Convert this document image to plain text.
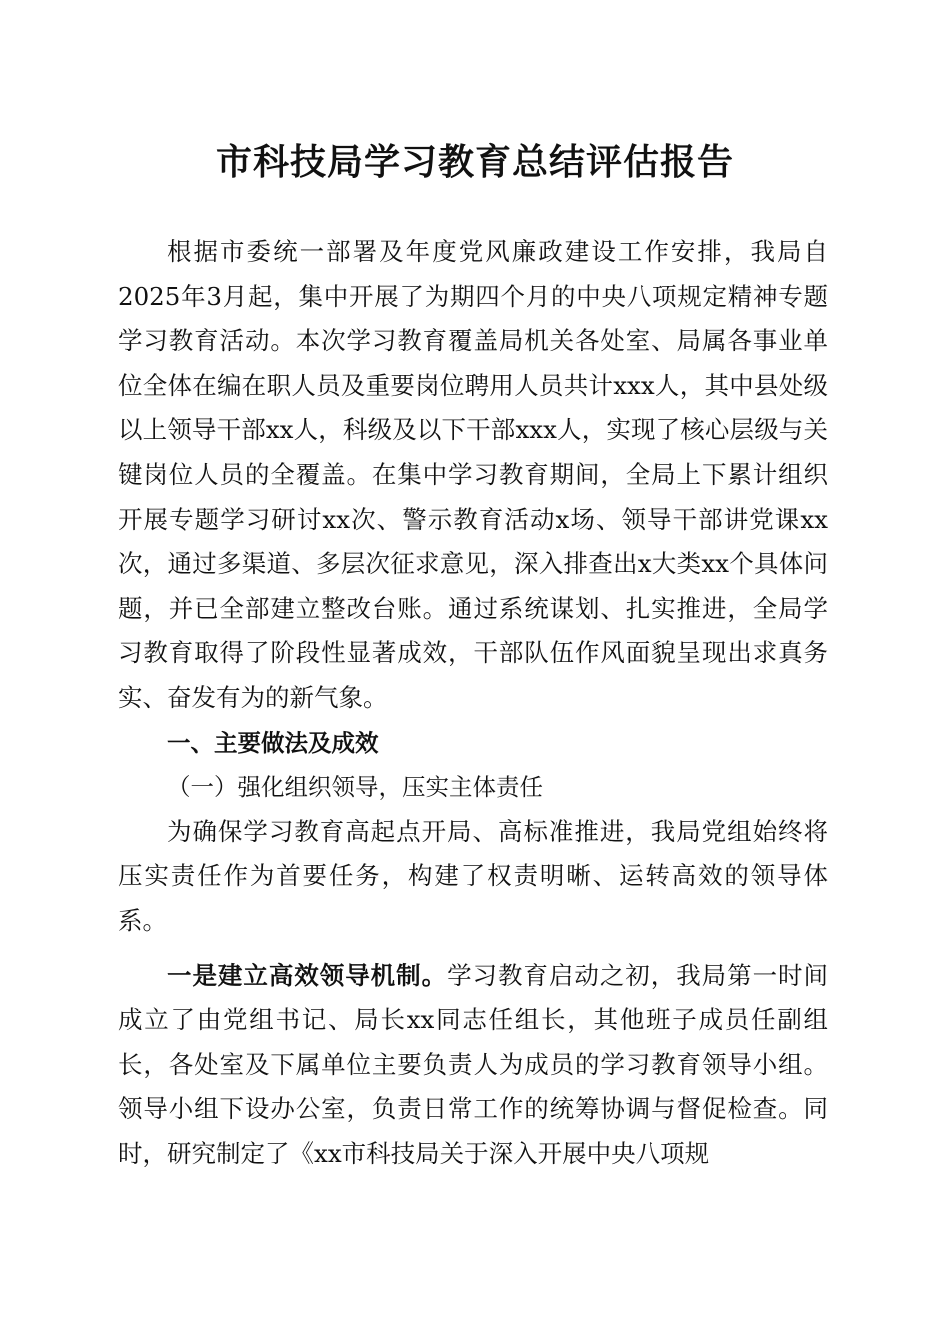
市科技局学习教育总结评估报告

根据市委统一部署及年度党风廉政建设工作安排，我局自2025年3月起，集中开展了为期四个月的中央八项规定精神专题学习教育活动。本次学习教育覆盖局机关各处室、局属各事业单位全体在编在职人员及重要岗位聘用人员共计xxx人，其中县处级以上领导干部xx人，科级及以下干部xxx人，实现了核心层级与关键岗位人员的全覆盖。在集中学习教育期间，全局上下累计组织开展专题学习研讨xx次、警示教育活动x场、领导干部讲党课xx次，通过多渠道、多层次征求意见，深入排查出x大类xx个具体问题，并已全部建立整改台账。通过系统谋划、扎实推进，全局学习教育取得了阶段性显著成效，干部队伍作风面貌呈现出求真务实、奋发有为的新气象。

一、主要做法及成效

（一）强化组织领导，压实主体责任

为确保学习教育高起点开局、高标准推进，我局党组始终将压实责任作为首要任务，构建了权责明晰、运转高效的领导体系。

一是建立高效领导机制。学习教育启动之初，我局第一时间成立了由党组书记、局长xx同志任组长，其他班子成员任副组长，各处室及下属单位主要负责人为成员的学习教育领导小组。领导小组下设办公室，负责日常工作的统筹协调与督促检查。同时，研究制定了《xx市科技局关于深入开展中央八项规
